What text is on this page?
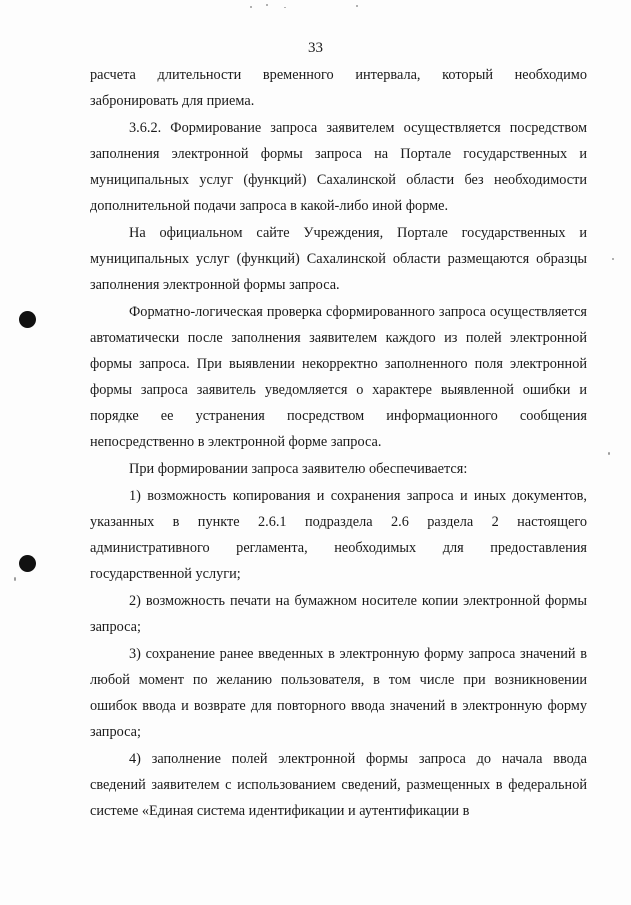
33

расчета длительности временного интервала, который необходимо забронировать для приема.

3.6.2. Формирование запроса заявителем осуществляется посредством заполнения электронной формы запроса на Портале государственных и муниципальных услуг (функций) Сахалинской области без необходимости дополнительной подачи запроса в какой-либо иной форме.

На официальном сайте Учреждения, Портале государственных и муниципальных услуг (функций) Сахалинской области размещаются образцы заполнения электронной формы запроса.

Форматно-логическая проверка сформированного запроса осуществляется автоматически после заполнения заявителем каждого из полей электронной формы запроса. При выявлении некорректно заполненного поля электронной формы запроса заявитель уведомляется о характере выявленной ошибки и порядке ее устранения посредством информационного сообщения непосредственно в электронной форме запроса.

При формировании запроса заявителю обеспечивается:

1) возможность копирования и сохранения запроса и иных документов, указанных в пункте 2.6.1 подраздела 2.6 раздела 2 настоящего административного регламента, необходимых для предоставления государственной услуги;

2) возможность печати на бумажном носителе копии электронной формы запроса;

3) сохранение ранее введенных в электронную форму запроса значений в любой момент по желанию пользователя, в том числе при возникновении ошибок ввода и возврате для повторного ввода значений в электронную форму запроса;

4) заполнение полей электронной формы запроса до начала ввода сведений заявителем с использованием сведений, размещенных в федеральной системе «Единая система идентификации и аутентификации в
